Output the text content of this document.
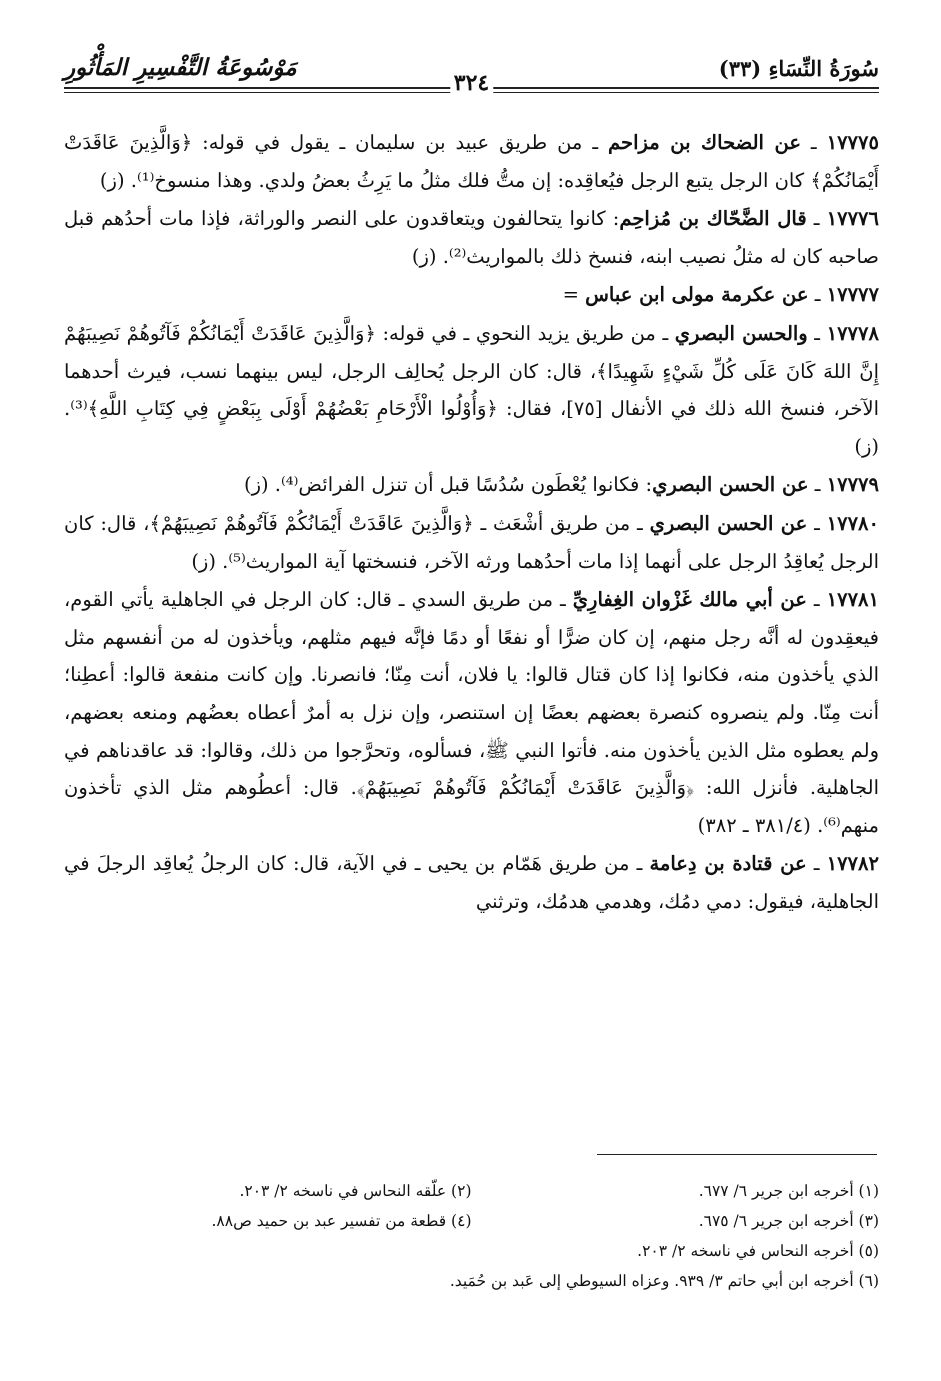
سُورَةُ النِّسَاءِ (٣٣)
٣٢٤
مَوْسُوعَةُ التَّفْسِيرِ المَأْثُورِ

١٧٧٧٥ ـ عن الضحاك بن مزاحم ـ من طريق عبيد بن سليمان ـ يقول في قوله: ﴿وَالَّذِينَ عَاقَدَتْ أَيْمَانُكُمْ﴾ كان الرجل يتبع الرجل فيُعاقِده: إن متُّ فلك مثلُ ما يَرِثُ بعضُ ولدي. وهذا منسوخ⁽¹⁾. (ز)

١٧٧٧٦ ـ قال الضَّحّاك بن مُزاحِم: كانوا يتحالفون ويتعاقدون على النصر والوراثة، فإذا مات أحدُهم قبل صاحبه كان له مثلُ نصيب ابنه، فنسخ ذلك بالمواريث⁽²⁾. (ز)

١٧٧٧٧ ـ عن عكرمة مولى ابن عباس =

١٧٧٧٨ ـ والحسن البصري ـ من طريق يزيد النحوي ـ في قوله: ﴿وَالَّذِينَ عَاقَدَتْ أَيْمَانُكُمْ فَآتُوهُمْ نَصِيبَهُمْ إِنَّ اللهَ كَانَ عَلَى كُلِّ شَيْءٍ شَهِيدًا﴾، قال: كان الرجل يُحالِف الرجل، ليس بينهما نسب، فيرث أحدهما الآخر، فنسخ الله ذلك في الأنفال [٧٥]، فقال: ﴿وَأُوْلُوا الْأَرْحَامِ بَعْضُهُمْ أَوْلَى بِبَعْضٍ فِي كِتَابِ اللَّهِ﴾⁽³⁾. (ز)

١٧٧٧٩ ـ عن الحسن البصري: فكانوا يُعْطَون سُدُسًا قبل أن تنزل الفرائض⁽⁴⁾. (ز)

١٧٧٨٠ ـ عن الحسن البصري ـ من طريق أشْعَث ـ ﴿وَالَّذِينَ عَاقَدَتْ أَيْمَانُكُمْ فَآتُوهُمْ نَصِيبَهُمْ﴾، قال: كان الرجل يُعاقِدُ الرجل على أنهما إذا مات أحدُهما ورثه الآخر، فنسختها آية المواريث⁽⁵⁾. (ز)

١٧٧٨١ ـ عن أبي مالك غَزْوان الغِفارِيِّ ـ من طريق السدي ـ قال: كان الرجل في الجاهلية يأتي القوم، فيعقِدون له أنَّه رجل منهم، إن كان ضرًّا أو نفعًا أو دمًا فإنَّه فيهم مثلهم، ويأخذون له من أنفسهم مثل الذي يأخذون منه، فكانوا إذا كان قتال قالوا: يا فلان، أنت مِنّا؛ فانصرنا. وإن كانت منفعة قالوا: أعطِنا؛ أنت مِنّا. ولم ينصروه كنصرة بعضهم بعضًا إن استنصر، وإن نزل به أمرٌ أعطاه بعضُهم ومنعه بعضهم، ولم يعطوه مثل الذين يأخذون منه. فأتوا النبي ﷺ، فسألوه، وتحرَّجوا من ذلك، وقالوا: قد عاقدناهم في الجاهلية. فأنزل الله: ﴿وَالَّذِينَ عَاقَدَتْ أَيْمَانُكُمْ فَآتُوهُمْ نَصِيبَهُمْ﴾. قال: أعطُوهم مثل الذي تأخذون منهم⁽⁶⁾. (٣٨١/٤ ـ ٣٨٢)

١٧٧٨٢ ـ عن قتادة بن دِعامة ـ من طريق هَمّام بن يحيى ـ في الآية، قال: كان الرجلُ يُعاقِد الرجلَ في الجاهلية، فيقول: دمي دمُك، وهدمي هدمُك، وترثني

(١) أخرجه ابن جرير ٦/ ٦٧٧.
(٢) علّقه النحاس في ناسخه ٢/ ٢٠٣.
(٣) أخرجه ابن جرير ٦/ ٦٧٥.
(٤) قطعة من تفسير عبد بن حميد ص٨٨.
(٥) أخرجه النحاس في ناسخه ٢/ ٢٠٣.
(٦) أخرجه ابن أبي حاتم ٣/ ٩٣٩. وعزاه السيوطي إلى عَبد بن حُمَيد.
